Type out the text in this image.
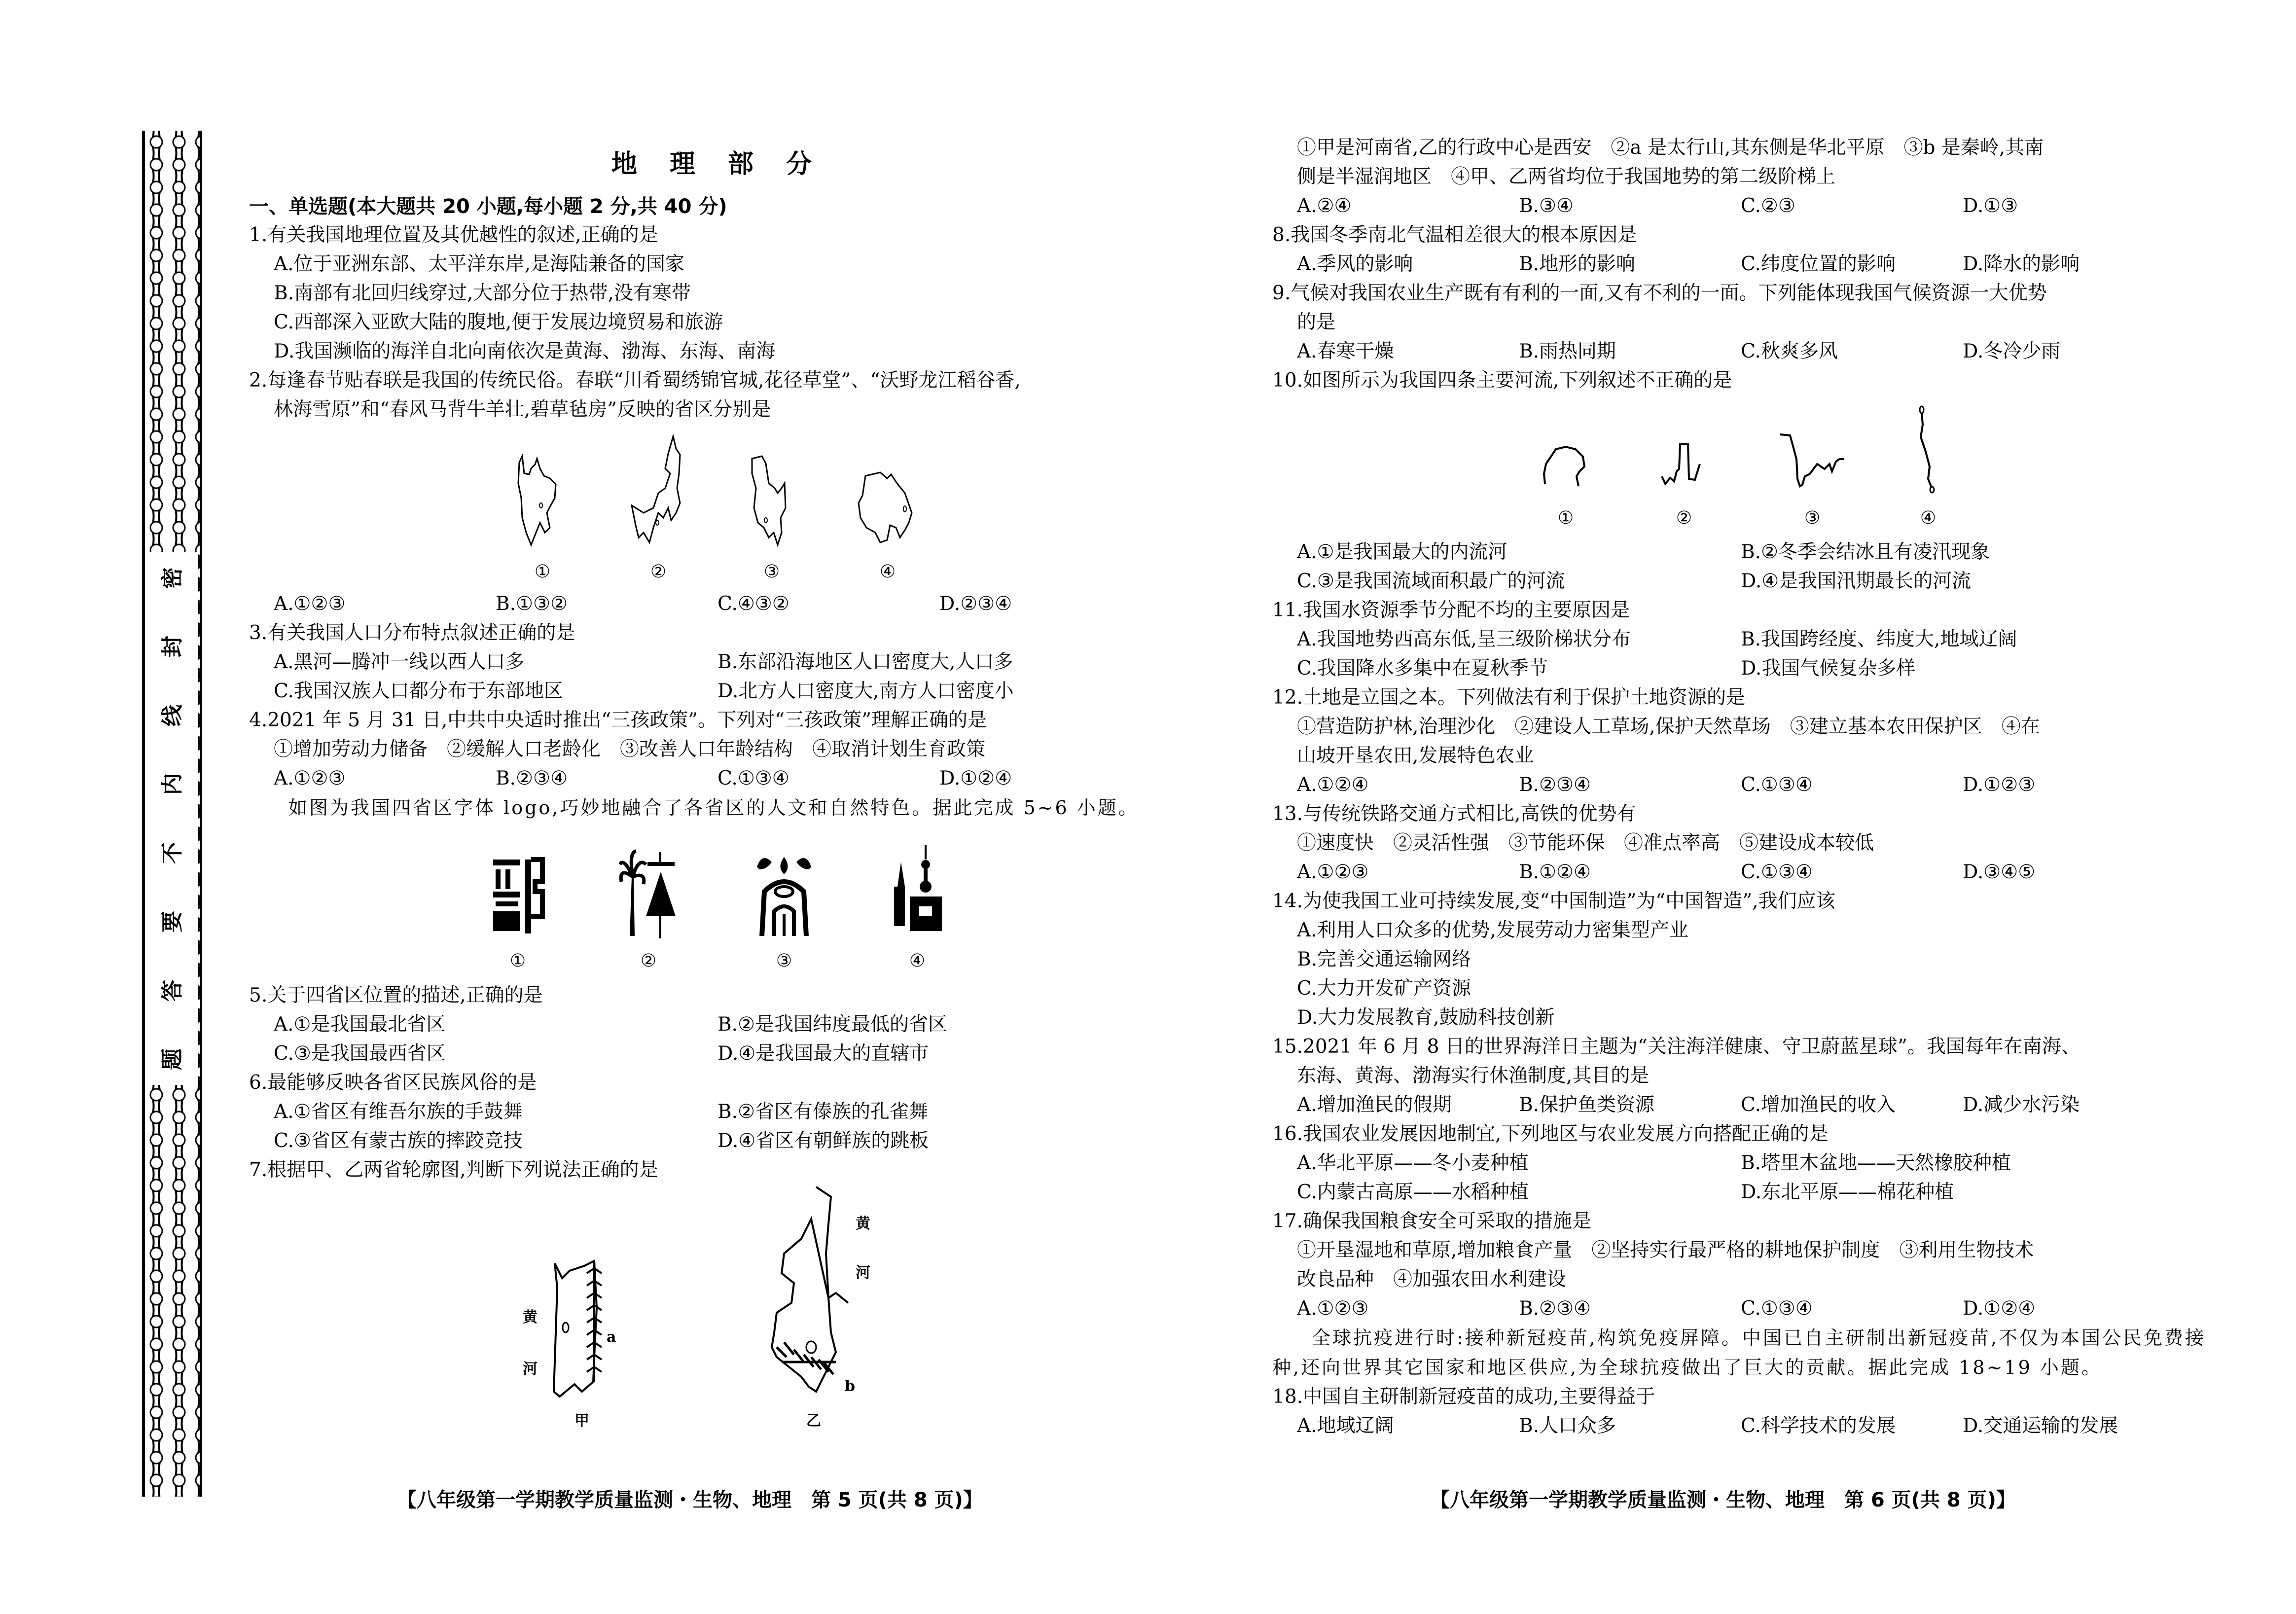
密
封
线
内
不
要
答
题
地 理 部 分
一、单选题(本大题共 20 小题,每小题 2 分,共 40 分)
1.有关我国地理位置及其优越性的叙述,正确的是
A.位于亚洲东部、太平洋东岸,是海陆兼备的国家
B.南部有北回归线穿过,大部分位于热带,没有寒带
C.西部深入亚欧大陆的腹地,便于发展边境贸易和旅游
D.我国濒临的海洋自北向南依次是黄海、渤海、东海、南海
2.每逢春节贴春联是我国的传统民俗。春联“川肴蜀绣锦官城,花径草堂”、“沃野龙江稻谷香,
林海雪原”和“春风马背牛羊壮,碧草毡房”反映的省区分别是
①	②	③	④
A.①②③	B.①③②	C.④③②	D.②③④
3.有关我国人口分布特点叙述正确的是
A.黑河—腾冲一线以西人口多	B.东部沿海地区人口密度大,人口多
C.我国汉族人口都分布于东部地区	D.北方人口密度大,南方人口密度小
4.2021 年 5 月 31 日,中共中央适时推出“三孩政策”。下列对“三孩政策”理解正确的是
①增加劳动力储备　②缓解人口老龄化　③改善人口年龄结构　④取消计划生育政策
A.①②③	B.②③④	C.①③④	D.①②④
如图为我国四省区字体 logo,巧妙地融合了各省区的人文和自然特色。据此完成 5~6 小题。
①	②	③	④
5.关于四省区位置的描述,正确的是
A.①是我国最北省区	B.②是我国纬度最低的省区
C.③是我国最西省区	D.④是我国最大的直辖市
6.最能够反映各省区民族风俗的是
A.①省区有维吾尔族的手鼓舞	B.②省区有傣族的孔雀舞
C.③省区有蒙古族的摔跤竞技	D.④省区有朝鲜族的跳板
7.根据甲、乙两省轮廓图,判断下列说法正确的是
黄
河
a
甲
黄
河
b
乙
【八年级第一学期教学质量监测・生物、地理　第 5 页(共 8 页)】
①甲是河南省,乙的行政中心是西安　②a 是太行山,其东侧是华北平原　③b 是秦岭,其南
侧是半湿润地区　④甲、乙两省均位于我国地势的第二级阶梯上
A.②④	B.③④	C.②③	D.①③
8.我国冬季南北气温相差很大的根本原因是
A.季风的影响	B.地形的影响	C.纬度位置的影响	D.降水的影响
9.气候对我国农业生产既有有利的一面,又有不利的一面。下列能体现我国气候资源一大优势
的是
A.春寒干燥	B.雨热同期	C.秋爽多风	D.冬冷少雨
10.如图所示为我国四条主要河流,下列叙述不正确的是
①	②	③	④
A.①是我国最大的内流河	B.②冬季会结冰且有凌汛现象
C.③是我国流域面积最广的河流	D.④是我国汛期最长的河流
11.我国水资源季节分配不均的主要原因是
A.我国地势西高东低,呈三级阶梯状分布	B.我国跨经度、纬度大,地域辽阔
C.我国降水多集中在夏秋季节	D.我国气候复杂多样
12.土地是立国之本。下列做法有利于保护土地资源的是
①营造防护林,治理沙化　②建设人工草场,保护天然草场　③建立基本农田保护区　④在
山坡开垦农田,发展特色农业
A.①②④	B.②③④	C.①③④	D.①②③
13.与传统铁路交通方式相比,高铁的优势有
①速度快　②灵活性强　③节能环保　④准点率高　⑤建设成本较低
A.①②③	B.①②④	C.①③④	D.③④⑤
14.为使我国工业可持续发展,变“中国制造”为“中国智造”,我们应该
A.利用人口众多的优势,发展劳动力密集型产业
B.完善交通运输网络
C.大力开发矿产资源
D.大力发展教育,鼓励科技创新
15.2021 年 6 月 8 日的世界海洋日主题为“关注海洋健康、守卫蔚蓝星球”。我国每年在南海、
东海、黄海、渤海实行休渔制度,其目的是
A.增加渔民的假期	B.保护鱼类资源	C.增加渔民的收入	D.减少水污染
16.我国农业发展因地制宜,下列地区与农业发展方向搭配正确的是
A.华北平原——冬小麦种植	B.塔里木盆地——天然橡胶种植
C.内蒙古高原——水稻种植	D.东北平原——棉花种植
17.确保我国粮食安全可采取的措施是
①开垦湿地和草原,增加粮食产量　②坚持实行最严格的耕地保护制度　③利用生物技术
改良品种　④加强农田水利建设
A.①②③	B.②③④	C.①③④	D.①②④
全球抗疫进行时:接种新冠疫苗,构筑免疫屏障。中国已自主研制出新冠疫苗,不仅为本国公民免费接种,还向世界其它国家和地区供应,为全球抗疫做出了巨大的贡献。据此完成 18~19 小题。
18.中国自主研制新冠疫苗的成功,主要得益于
A.地域辽阔	B.人口众多	C.科学技术的发展	D.交通运输的发展
【八年级第一学期教学质量监测・生物、地理　第 6 页(共 8 页)】
